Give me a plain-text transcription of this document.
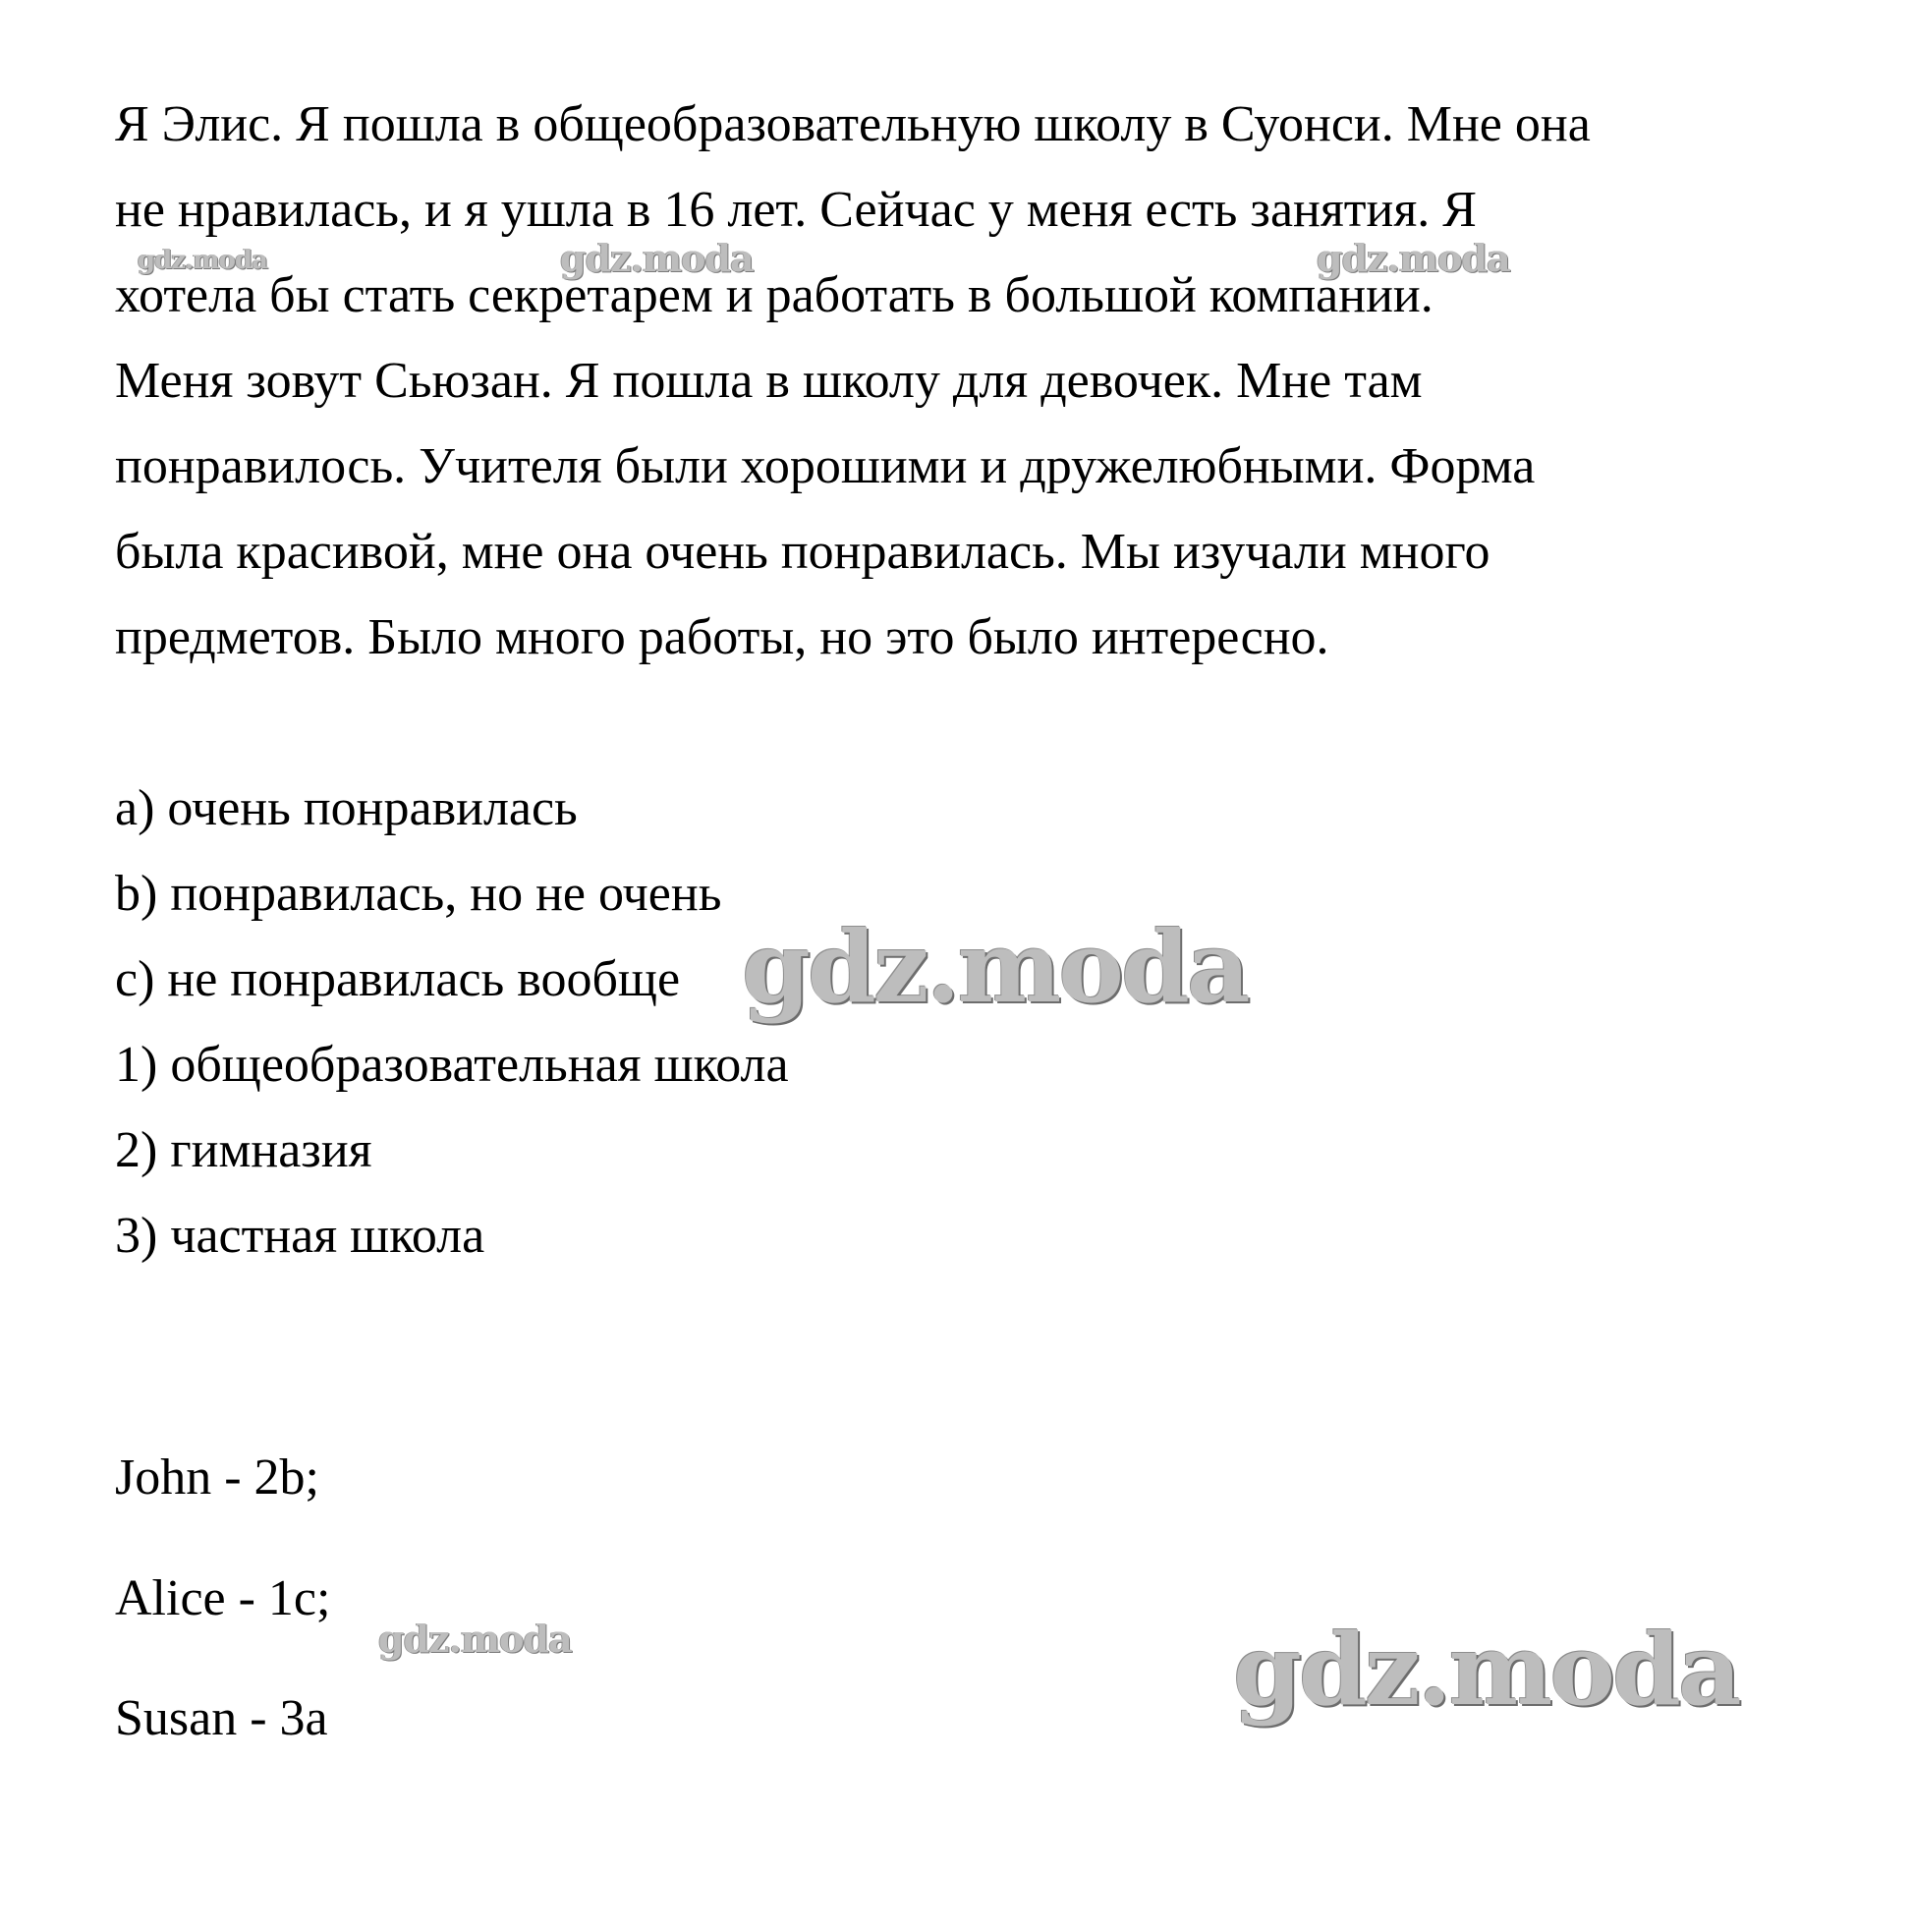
Я Элис. Я пошла в общеобразовательную школу в Суонси. Мне она
не нравилась, и я ушла в 16 лет. Сейчас у меня есть занятия. Я
хотела бы стать секретарем и работать в большой компании.
Меня зовут Сьюзан. Я пошла в школу для девочек. Мне там
понравилось. Учителя были хорошими и дружелюбными. Форма
была красивой, мне она очень понравилась. Мы изучали много
предметов. Было много работы, но это было интересно.
a) очень понравилась
b) понравилась, но не очень
c) не понравилась вообще
1) общеобразовательная школа
2) гимназия
3) частная школа
John - 2b;
Alice - 1c;
Susan - 3a
gdz.moda	gdz.moda	gdz.moda
gdz.moda
gdz.moda	gdz.moda
